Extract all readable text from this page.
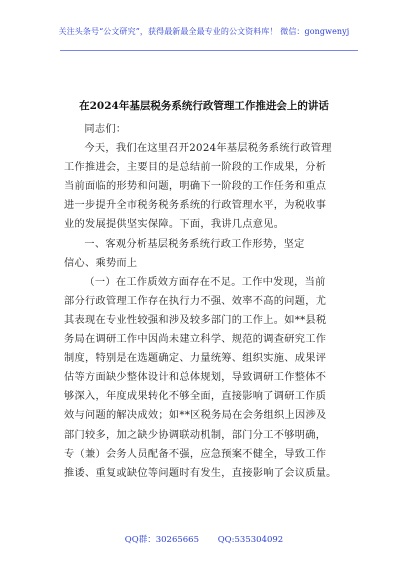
关注头条号“公文研究”，获得最新最全最专业的公文资料库！ 微信：gongwenyj
在2024年基层税务系统行政管理工作推进会上的讲话

同志们：

今天，我们在这里召开2024年基层税务系统行政管理
工作推进会，主要目的是总结前一阶段的工作成果，分析
当前面临的形势和问题，明确下一阶段的工作任务和重点
进一步提升全市税务税务系统的行政管理水平，为税收事
业的发展提供坚实保障。下面，我讲几点意见。

一、客观分析基层税务系统行政工作形势，坚定
信心、乘势而上

（一）在工作质效方面存在不足。工作中发现，当前
部分行政管理工作存在执行力不强、效率不高的问题，尤
其表现在专业性较强和涉及较多部门的工作上。如**县税
务局在调研工作中因尚未建立科学、规范的调查研究工作
制度，特别是在选题确定、力量统筹、组织实施、成果评
估等方面缺少整体设计和总体规划，导致调研工作整体不
够深入，年度成果转化不够全面，直接影响了调研工作质
效与问题的解决成效；如**区税务局在会务组织上因涉及
部门较多，加之缺少协调联动机制，部门分工不够明确，
专（兼）会务人员配备不强，应急预案不健全，导致工作
推诿、重复或缺位等问题时有发生，直接影响了会议质量。

QQ群：30265665 QQ:535304092
